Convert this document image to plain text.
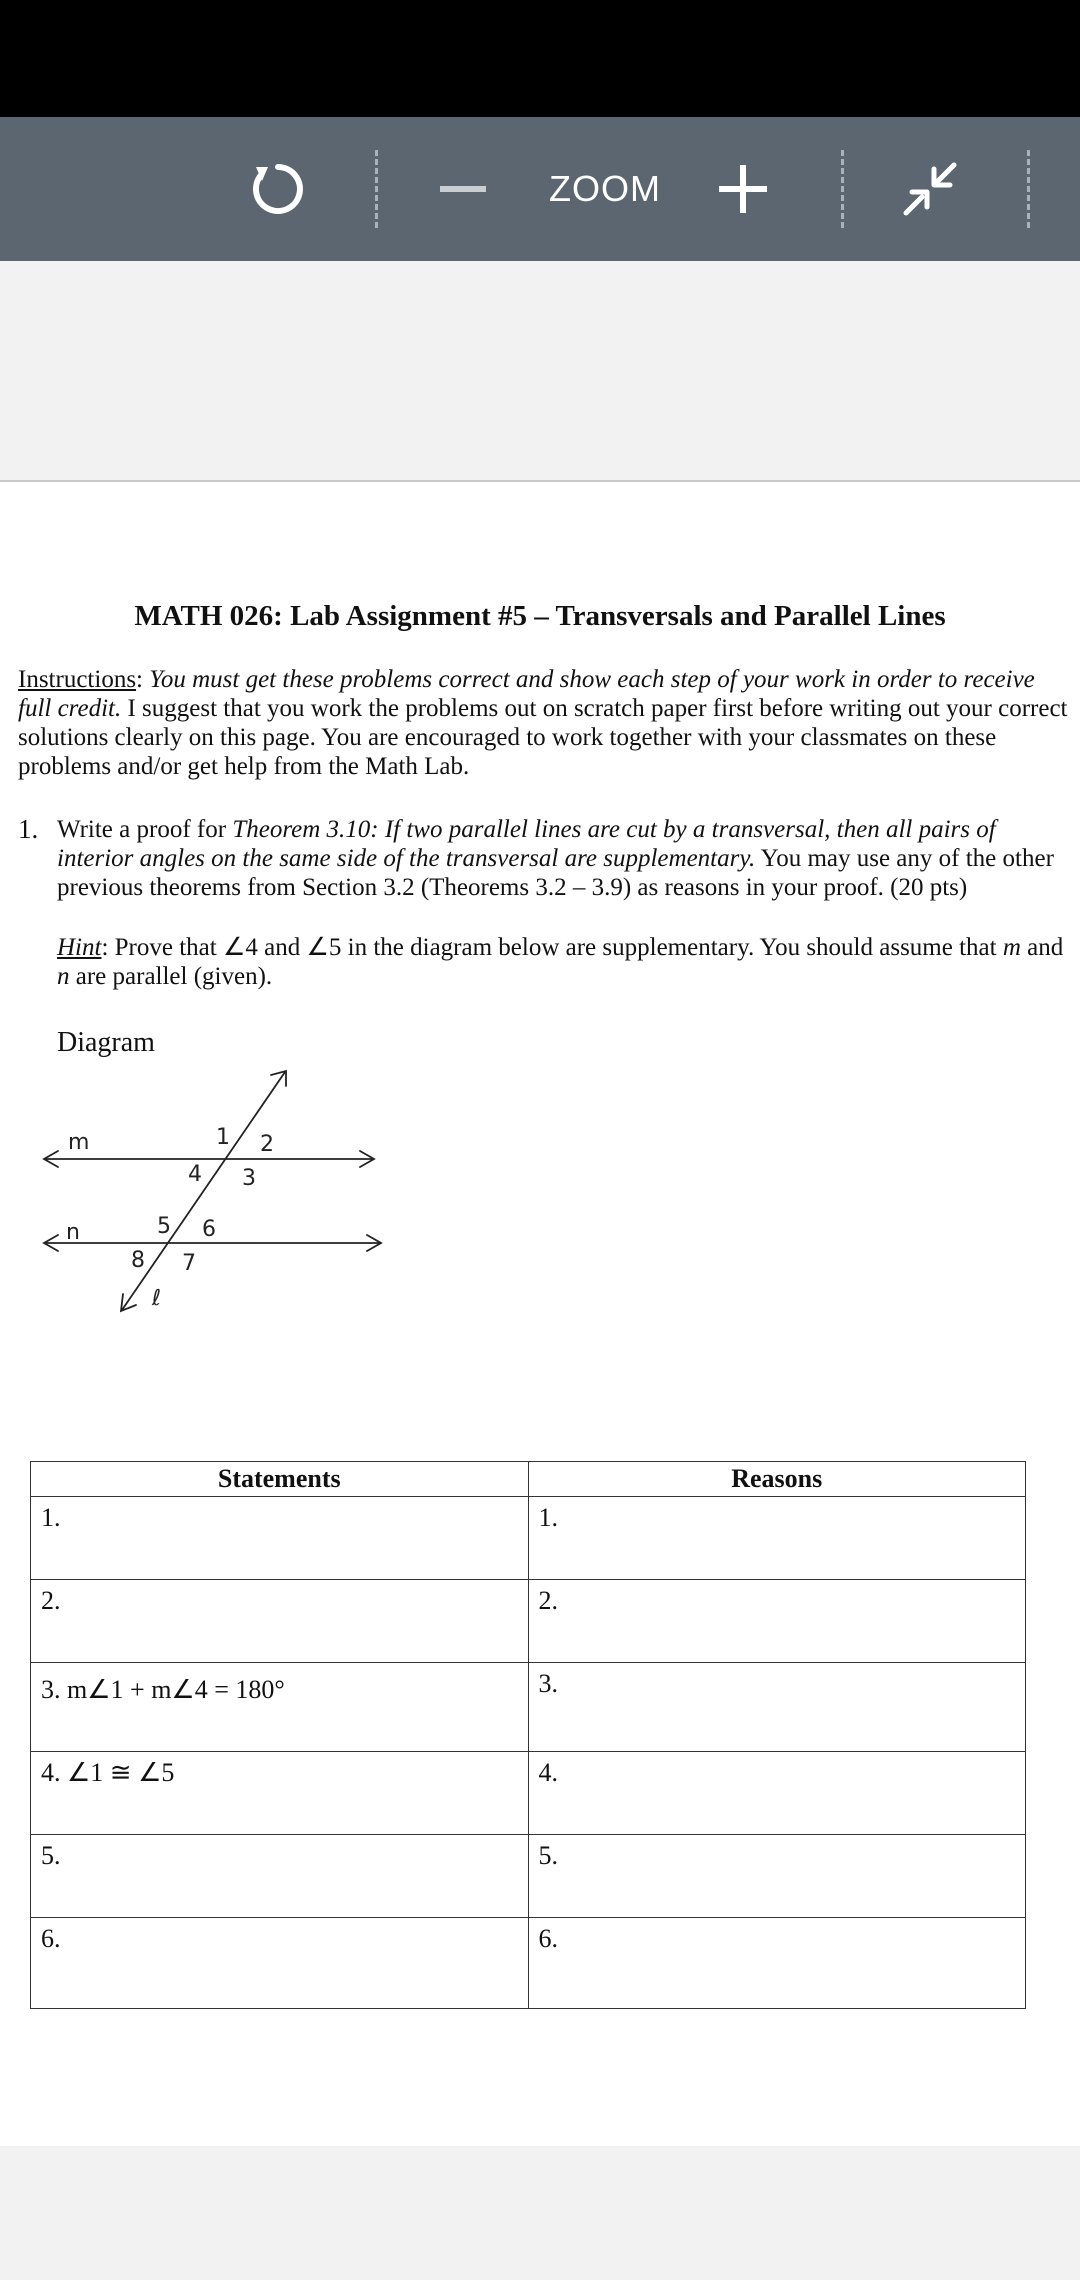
ZOOM
MATH 026: Lab Assignment #5 – Transversals and Parallel Lines
Instructions: You must get these problems correct and show each step of your work in order to receive full credit. I suggest that you work the problems out on scratch paper first before writing out your correct solutions clearly on this page. You are encouraged to work together with your classmates on these problems and/or get help from the Math Lab.
1. Write a proof for Theorem 3.10: If two parallel lines are cut by a transversal, then all pairs of interior angles on the same side of the transversal are supplementary. You may use any of the other previous theorems from Section 3.2 (Theorems 3.2 – 3.9) as reasons in your proof. (20 pts)
Hint: Prove that ∠4 and ∠5 in the diagram below are supplementary. You should assume that m and n are parallel (given).
Diagram
m
n
ℓ
1 2
3
4
5 6
7
8
Statements	Reasons
1.	1.
2.	2.
3. m∠1 + m∠4 = 180°	3.
4. ∠1 ≅ ∠5	4.
5.	5.
6.	6.
